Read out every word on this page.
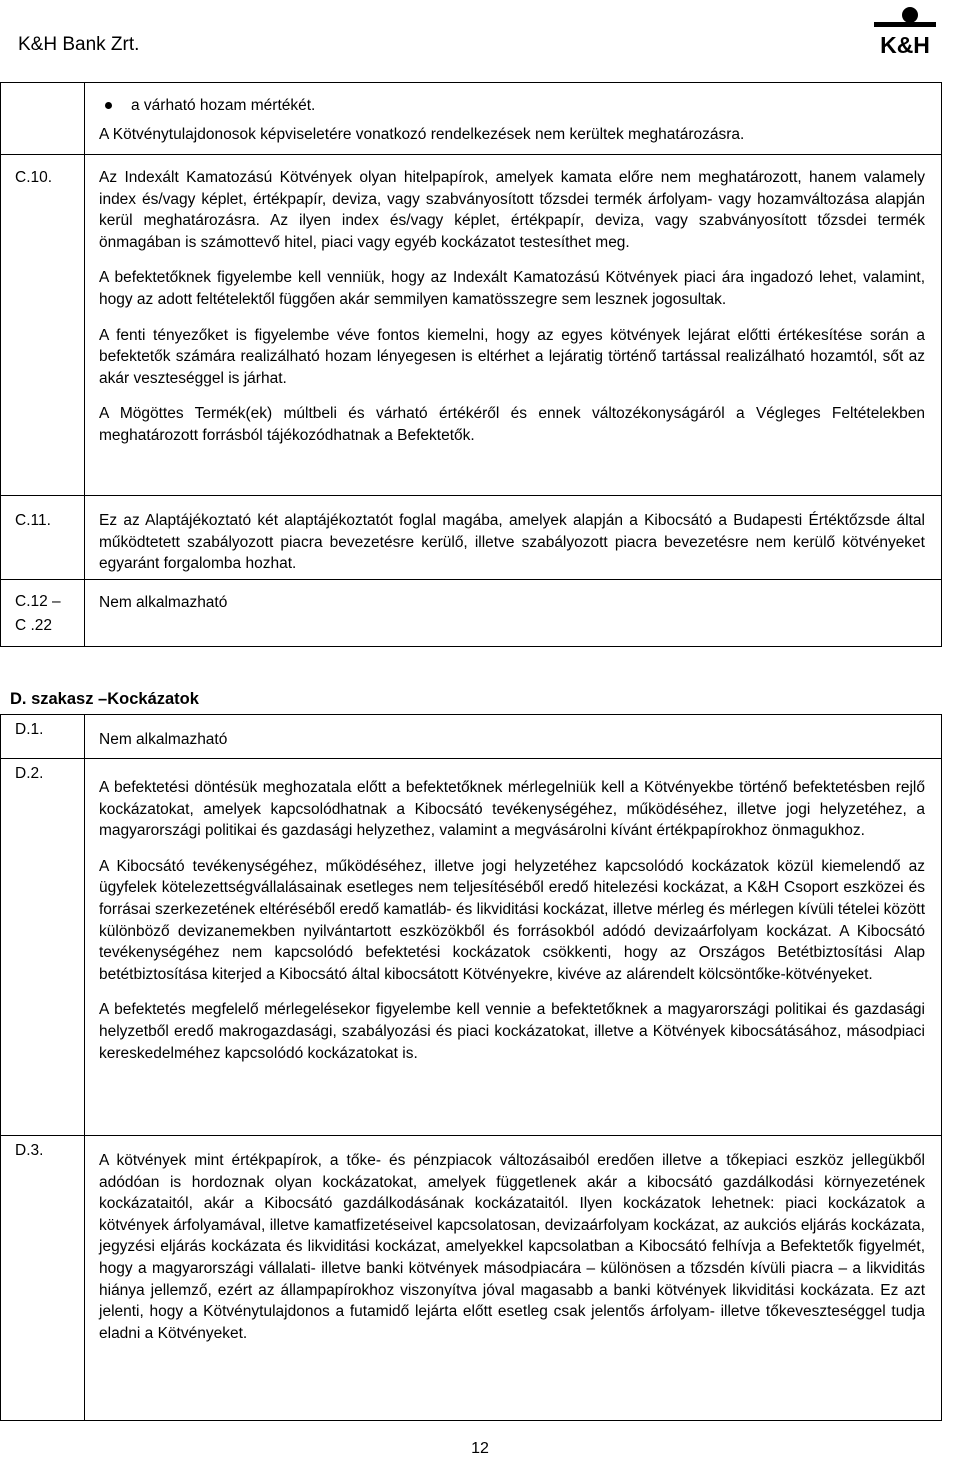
K&H Bank Zrt.	K&H

a várható hozam mértékét.

A Kötvénytulajdonosok képviseletére vonatkozó rendelkezések nem kerültek meghatározásra.

C.10.	Az Indexált Kamatozású Kötvények olyan hitelpapírok, amelyek kamata előre nem meghatározott, hanem valamely index és/vagy képlet, értékpapír, deviza, vagy szabványosított tőzsdei termék árfolyam- vagy hozamváltozása alapján kerül meghatározásra. Az ilyen index és/vagy képlet, értékpapír, deviza, vagy szabványosított tőzsdei termék önmagában is számottevő hitel, piaci vagy egyéb kockázatot testesíthet meg.

A befektetőknek figyelembe kell venniük, hogy az Indexált Kamatozású Kötvények piaci ára ingadozó lehet, valamint, hogy az adott feltételektől függően akár semmilyen kamatösszegre sem lesznek jogosultak.

A fenti tényezőket is figyelembe véve fontos kiemelni, hogy az egyes kötvények lejárat előtti értékesítése során a befektetők számára realizálható hozam lényegesen is eltérhet a lejáratig történő tartással realizálható hozamtól, sőt az akár veszteséggel is járhat.

A Mögöttes Termék(ek) múltbeli és várható értékéről és ennek változékonyságáról a Végleges Feltételekben meghatározott forrásból tájékozódhatnak a Befektetők.

C.11.	Ez az Alaptájékoztató két alaptájékoztatót foglal magába, amelyek alapján a Kibocsátó a Budapesti Értéktőzsde által működtetett szabályozott piacra bevezetésre kerülő, illetve szabályozott piacra bevezetésre nem kerülő kötvényeket egyaránt forgalomba hozhat.

C.12 –
C .22	Nem alkalmazható

D. szakasz –Kockázatok
D.1.	Nem alkalmazható

D.2.	A befektetési döntésük meghozatala előtt a befektetőknek mérlegelniük kell a Kötvényekbe történő befektetésben rejlő kockázatokat, amelyek kapcsolódhatnak a Kibocsátó tevékenységéhez, működéséhez, illetve jogi helyzetéhez, a magyarországi politikai és gazdasági helyzethez, valamint a megvásárolni kívánt értékpapírokhoz önmagukhoz.

A Kibocsátó tevékenységéhez, működéséhez, illetve jogi helyzetéhez kapcsolódó kockázatok közül kiemelendő az ügyfelek kötelezettségvállalásainak esetleges nem teljesítéséből eredő hitelezési kockázat, a K&H Csoport eszközei és forrásai szerkezetének eltéréséből eredő kamatláb- és likviditási kockázat, illetve mérleg és mérlegen kívüli tételei között különböző devizanemekben nyilvántartott eszközökből és forrásokból adódó devizaárfolyam kockázat. A Kibocsátó tevékenységéhez nem kapcsolódó befektetési kockázatok csökkenti, hogy az Országos Betétbiztosítási Alap betétbiztosítása kiterjed a Kibocsátó által kibocsátott Kötvényekre, kivéve az alárendelt kölcsöntőke-kötvényeket.

A befektetés megfelelő mérlegelésekor figyelembe kell vennie a befektetőknek a magyarországi politikai és gazdasági helyzetből eredő makrogazdasági, szabályozási és piaci kockázatokat, illetve a Kötvények kibocsátásához, másodpiaci kereskedelméhez kapcsolódó kockázatokat is.

D.3.	A kötvények mint értékpapírok, a tőke- és pénzpiacok változásaiból eredően illetve a tőkepiaci eszköz jellegükből adódóan is hordoznak olyan kockázatokat, amelyek függetlenek akár a kibocsátó gazdálkodási környezetének kockázataitól, akár a Kibocsátó gazdálkodásának kockázataitól. Ilyen kockázatok lehetnek: piaci kockázatok a kötvények árfolyamával, illetve kamatfizetéseivel kapcsolatosan, devizaárfolyam kockázat, az aukciós eljárás kockázata, jegyzési eljárás kockázata és likviditási kockázat, amelyekkel kapcsolatban a Kibocsátó felhívja a Befektetők figyelmét, hogy a magyarországi vállalati- illetve banki kötvények másodpiacára – különösen a tőzsdén kívüli piacra – a likviditás hiánya jellemző, ezért az állampapírokhoz viszonyítva jóval magasabb a banki kötvények likviditási kockázata. Ez azt jelenti, hogy a Kötvénytulajdonos a futamidő lejárta előtt esetleg csak jelentős árfolyam- illetve tőkeveszteséggel tudja eladni a Kötvényeket.

12
